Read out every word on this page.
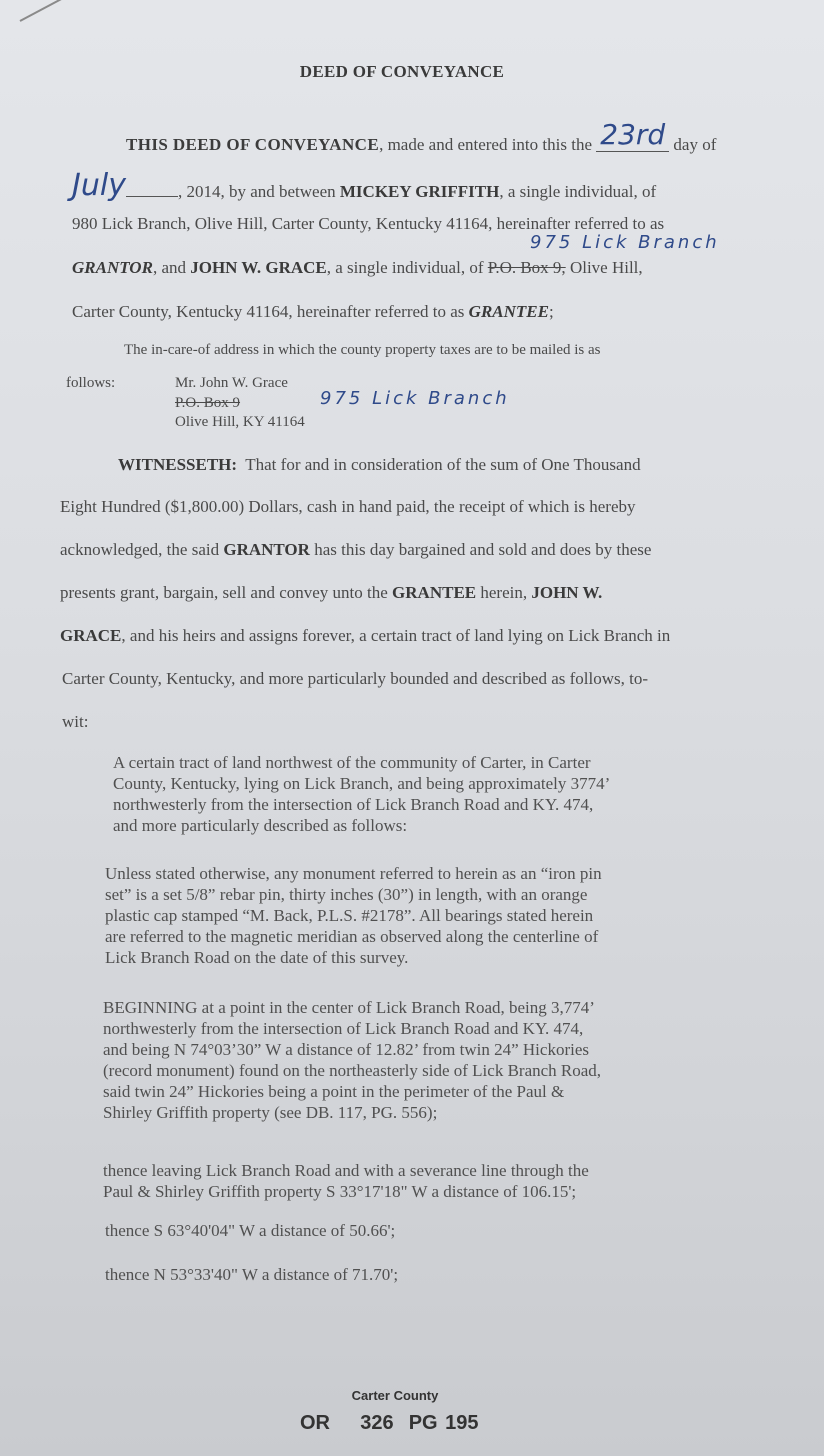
DEED OF CONVEYANCE
THIS DEED OF CONVEYANCE, made and entered into this the 23rd day of
July	, 2014, by and between MICKEY GRIFFITH, a single individual, of
980 Lick Branch, Olive Hill, Carter County, Kentucky 41164, hereinafter referred to as
975 Lick Branch
GRANTOR, and JOHN W. GRACE, a single individual, of P.O. Box 9, Olive Hill,
Carter County, Kentucky 41164, hereinafter referred to as GRANTEE;
The in-care-of address in which the county property taxes are to be mailed is as
follows:	Mr. John W. Grace
P.O. Box 9	975 Lick Branch
Olive Hill, KY 41164
WITNESSETH: That for and in consideration of the sum of One Thousand
Eight Hundred ($1,800.00) Dollars, cash in hand paid, the receipt of which is hereby
acknowledged, the said GRANTOR has this day bargained and sold and does by these
presents grant, bargain, sell and convey unto the GRANTEE herein, JOHN W.
GRACE, and his heirs and assigns forever, a certain tract of land lying on Lick Branch in
Carter County, Kentucky, and more particularly bounded and described as follows, to-
wit:
A certain tract of land northwest of the community of Carter, in Carter
County, Kentucky, lying on Lick Branch, and being approximately 3774’
northwesterly from the intersection of Lick Branch Road and KY. 474,
and more particularly described as follows:
Unless stated otherwise, any monument referred to herein as an “iron pin
set” is a set 5/8” rebar pin, thirty inches (30”) in length, with an orange
plastic cap stamped “M. Back, P.L.S. #2178”. All bearings stated herein
are referred to the magnetic meridian as observed along the centerline of
Lick Branch Road on the date of this survey.
BEGINNING at a point in the center of Lick Branch Road, being 3,774’
northwesterly from the intersection of Lick Branch Road and KY. 474,
and being N 74°03’30” W a distance of 12.82’ from twin 24” Hickories
(record monument) found on the northeasterly side of Lick Branch Road,
said twin 24” Hickories being a point in the perimeter of the Paul &
Shirley Griffith property (see DB. 117, PG. 556);
thence leaving Lick Branch Road and with a severance line through the
Paul & Shirley Griffith property S 33°17'18" W a distance of 106.15';
thence S 63°40'04" W a distance of 50.66';
thence N 53°33'40" W a distance of 71.70';
Carter County
OR    326  PG 195
